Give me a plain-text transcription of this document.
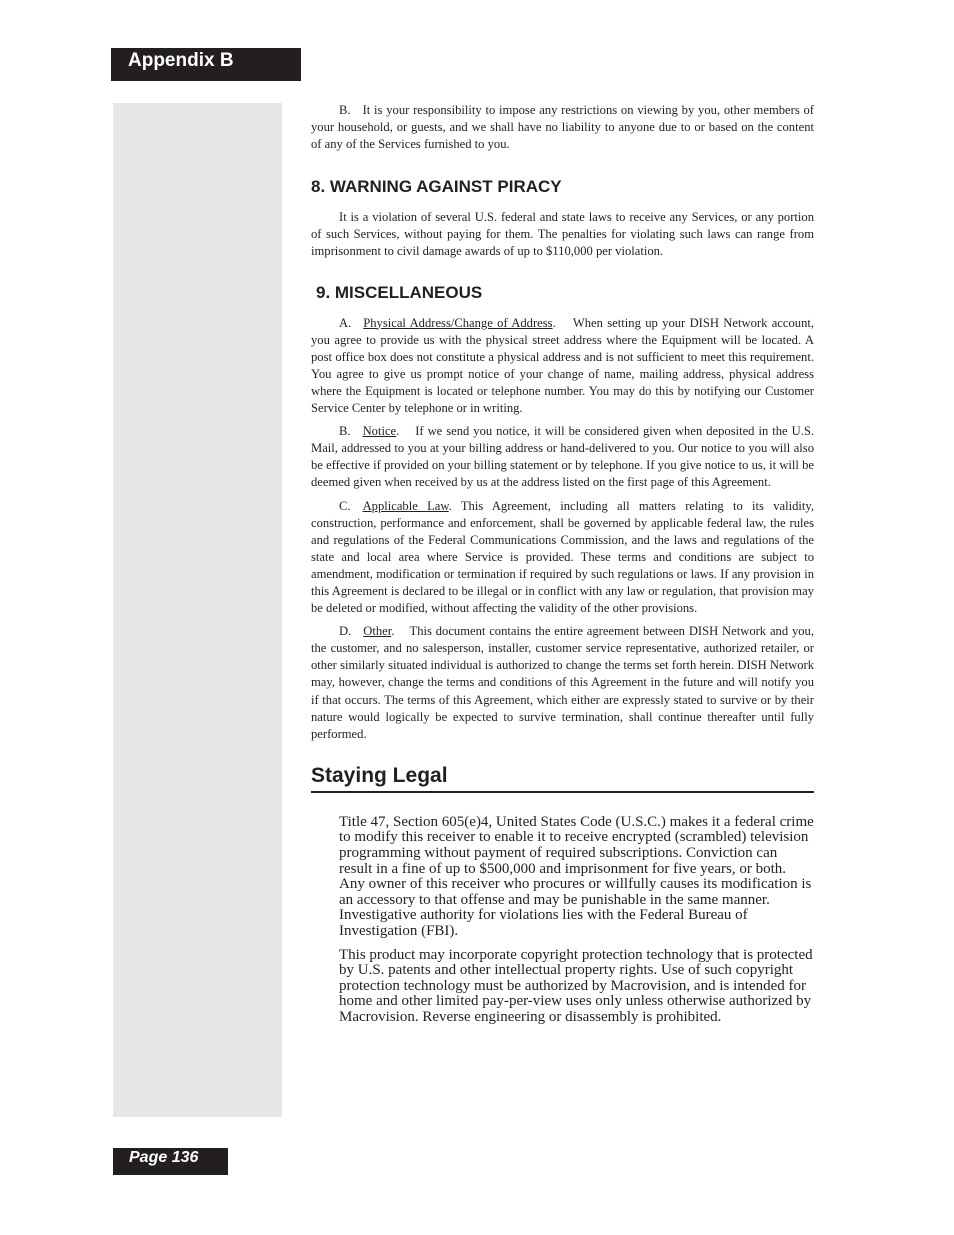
Appendix B

B. It is your responsibility to impose any restrictions on viewing by you, other members of your household, or guests, and we shall have no liability to anyone due to or based on the content of any of the Services furnished to you.

8. WARNING AGAINST PIRACY

It is a violation of several U.S. federal and state laws to receive any Services, or any portion of such Services, without paying for them. The penalties for violating such laws can range from imprisonment to civil damage awards of up to $110,000 per violation.

9. MISCELLANEOUS

A. Physical Address/Change of Address.    When setting up your DISH Network account, you agree to provide us with the physical street address where the Equipment will be located. A post office box does not constitute a physical address and is not sufficient to meet this requirement. You agree to give us prompt notice of your change of name, mailing address, physical address where the Equipment is located or telephone number. You may do this by notifying our Customer Service Center by telephone or in writing.

B. Notice.    If we send you notice, it will be considered given when deposited in the U.S. Mail, addressed to you at your billing address or hand-delivered to you. Our notice to you will also be effective if provided on your billing statement or by telephone. If you give notice to us, it will be deemed given when received by us at the address listed on the first page of this Agreement.

C. Applicable Law. This Agreement, including all matters relating to its validity, construction, performance and enforcement, shall be governed by applicable federal law, the rules and regulations of the Federal Communications Commission, and the laws and regulations of the state and local area where Service is provided. These terms and conditions are subject to amendment, modification or termination if required by such regulations or laws. If any provision in this Agreement is declared to be illegal or in conflict with any law or regulation, that provision may be deleted or modified, without affecting the validity of the other provisions.

D. Other.    This document contains the entire agreement between DISH Network and you, the customer, and no salesperson, installer, customer service representative, authorized retailer, or other similarly situated individual is authorized to change the terms set forth herein. DISH Network may, however, change the terms and conditions of this Agreement in the future and will notify you if that occurs. The terms of this Agreement, which either are expressly stated to survive or by their nature would logically be expected to survive termination, shall continue thereafter until fully performed.

Staying Legal

Title 47, Section 605(e)4, United States Code (U.S.C.) makes it a federal crime to modify this receiver to enable it to receive encrypted (scrambled) television programming without payment of required subscriptions. Conviction can result in a fine of up to $500,000 and imprisonment for five years, or both. Any owner of this receiver who procures or willfully causes its modification is an accessory to that offense and may be punishable in the same manner. Investigative authority for violations lies with the Federal Bureau of Investigation (FBI).

This product may incorporate copyright protection technology that is protected by U.S. patents and other intellectual property rights. Use of such copyright protection technology must be authorized by Macrovision, and is intended for home and other limited pay-per-view uses only unless otherwise authorized by Macrovision. Reverse engineering or disassembly is prohibited.

Page 136
